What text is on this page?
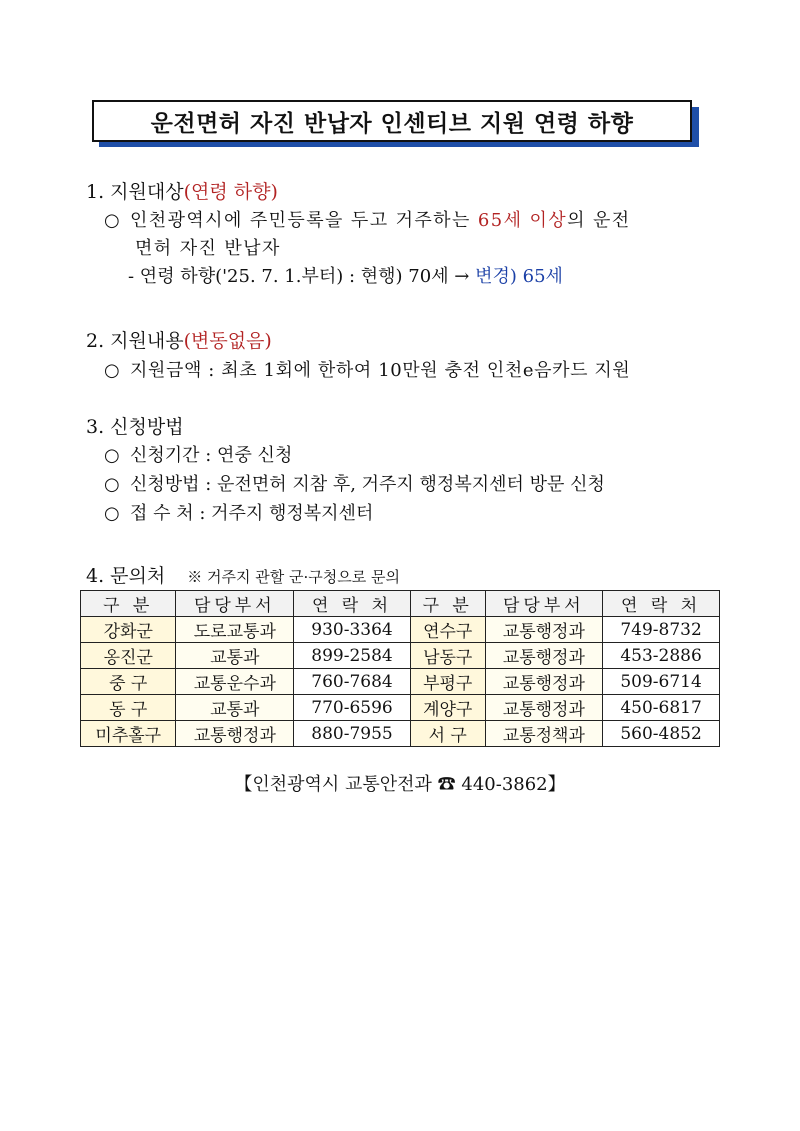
운전면허 자진 반납자 인센티브 지원 연령 하향
1. 지원대상(연령 하향)
○ 인천광역시에 주민등록을 두고 거주하는 65세 이상의 운전
면허 자진 반납자
- 연령 하향('25. 7. 1.부터) : 현행) 70세 → 변경) 65세
2. 지원내용(변동없음)
○ 지원금액 : 최초 1회에 한하여 10만원 충전 인천e음카드 지원
3. 신청방법
○ 신청기간 : 연중 신청
○ 신청방법 : 운전면허 지참 후, 거주지 행정복지센터 방문 신청
○ 접 수 처 : 거주지 행정복지센터
4. 문의처 ※ 거주지 관할 군·구청으로 문의
구 분	담당부서	연 락 처	구 분	담당부서	연 락 처
강화군	도로교통과	930-3364	연수구	교통행정과	749-8732
옹진군	교통과	899-2584	남동구	교통행정과	453-2886
중 구	교통운수과	760-7684	부평구	교통행정과	509-6714
동 구	교통과	770-6596	계양구	교통행정과	450-6817
미추홀구	교통행정과	880-7955	서 구	교통정책과	560-4852
【인천광역시 교통안전과 ☎ 440-3862】
